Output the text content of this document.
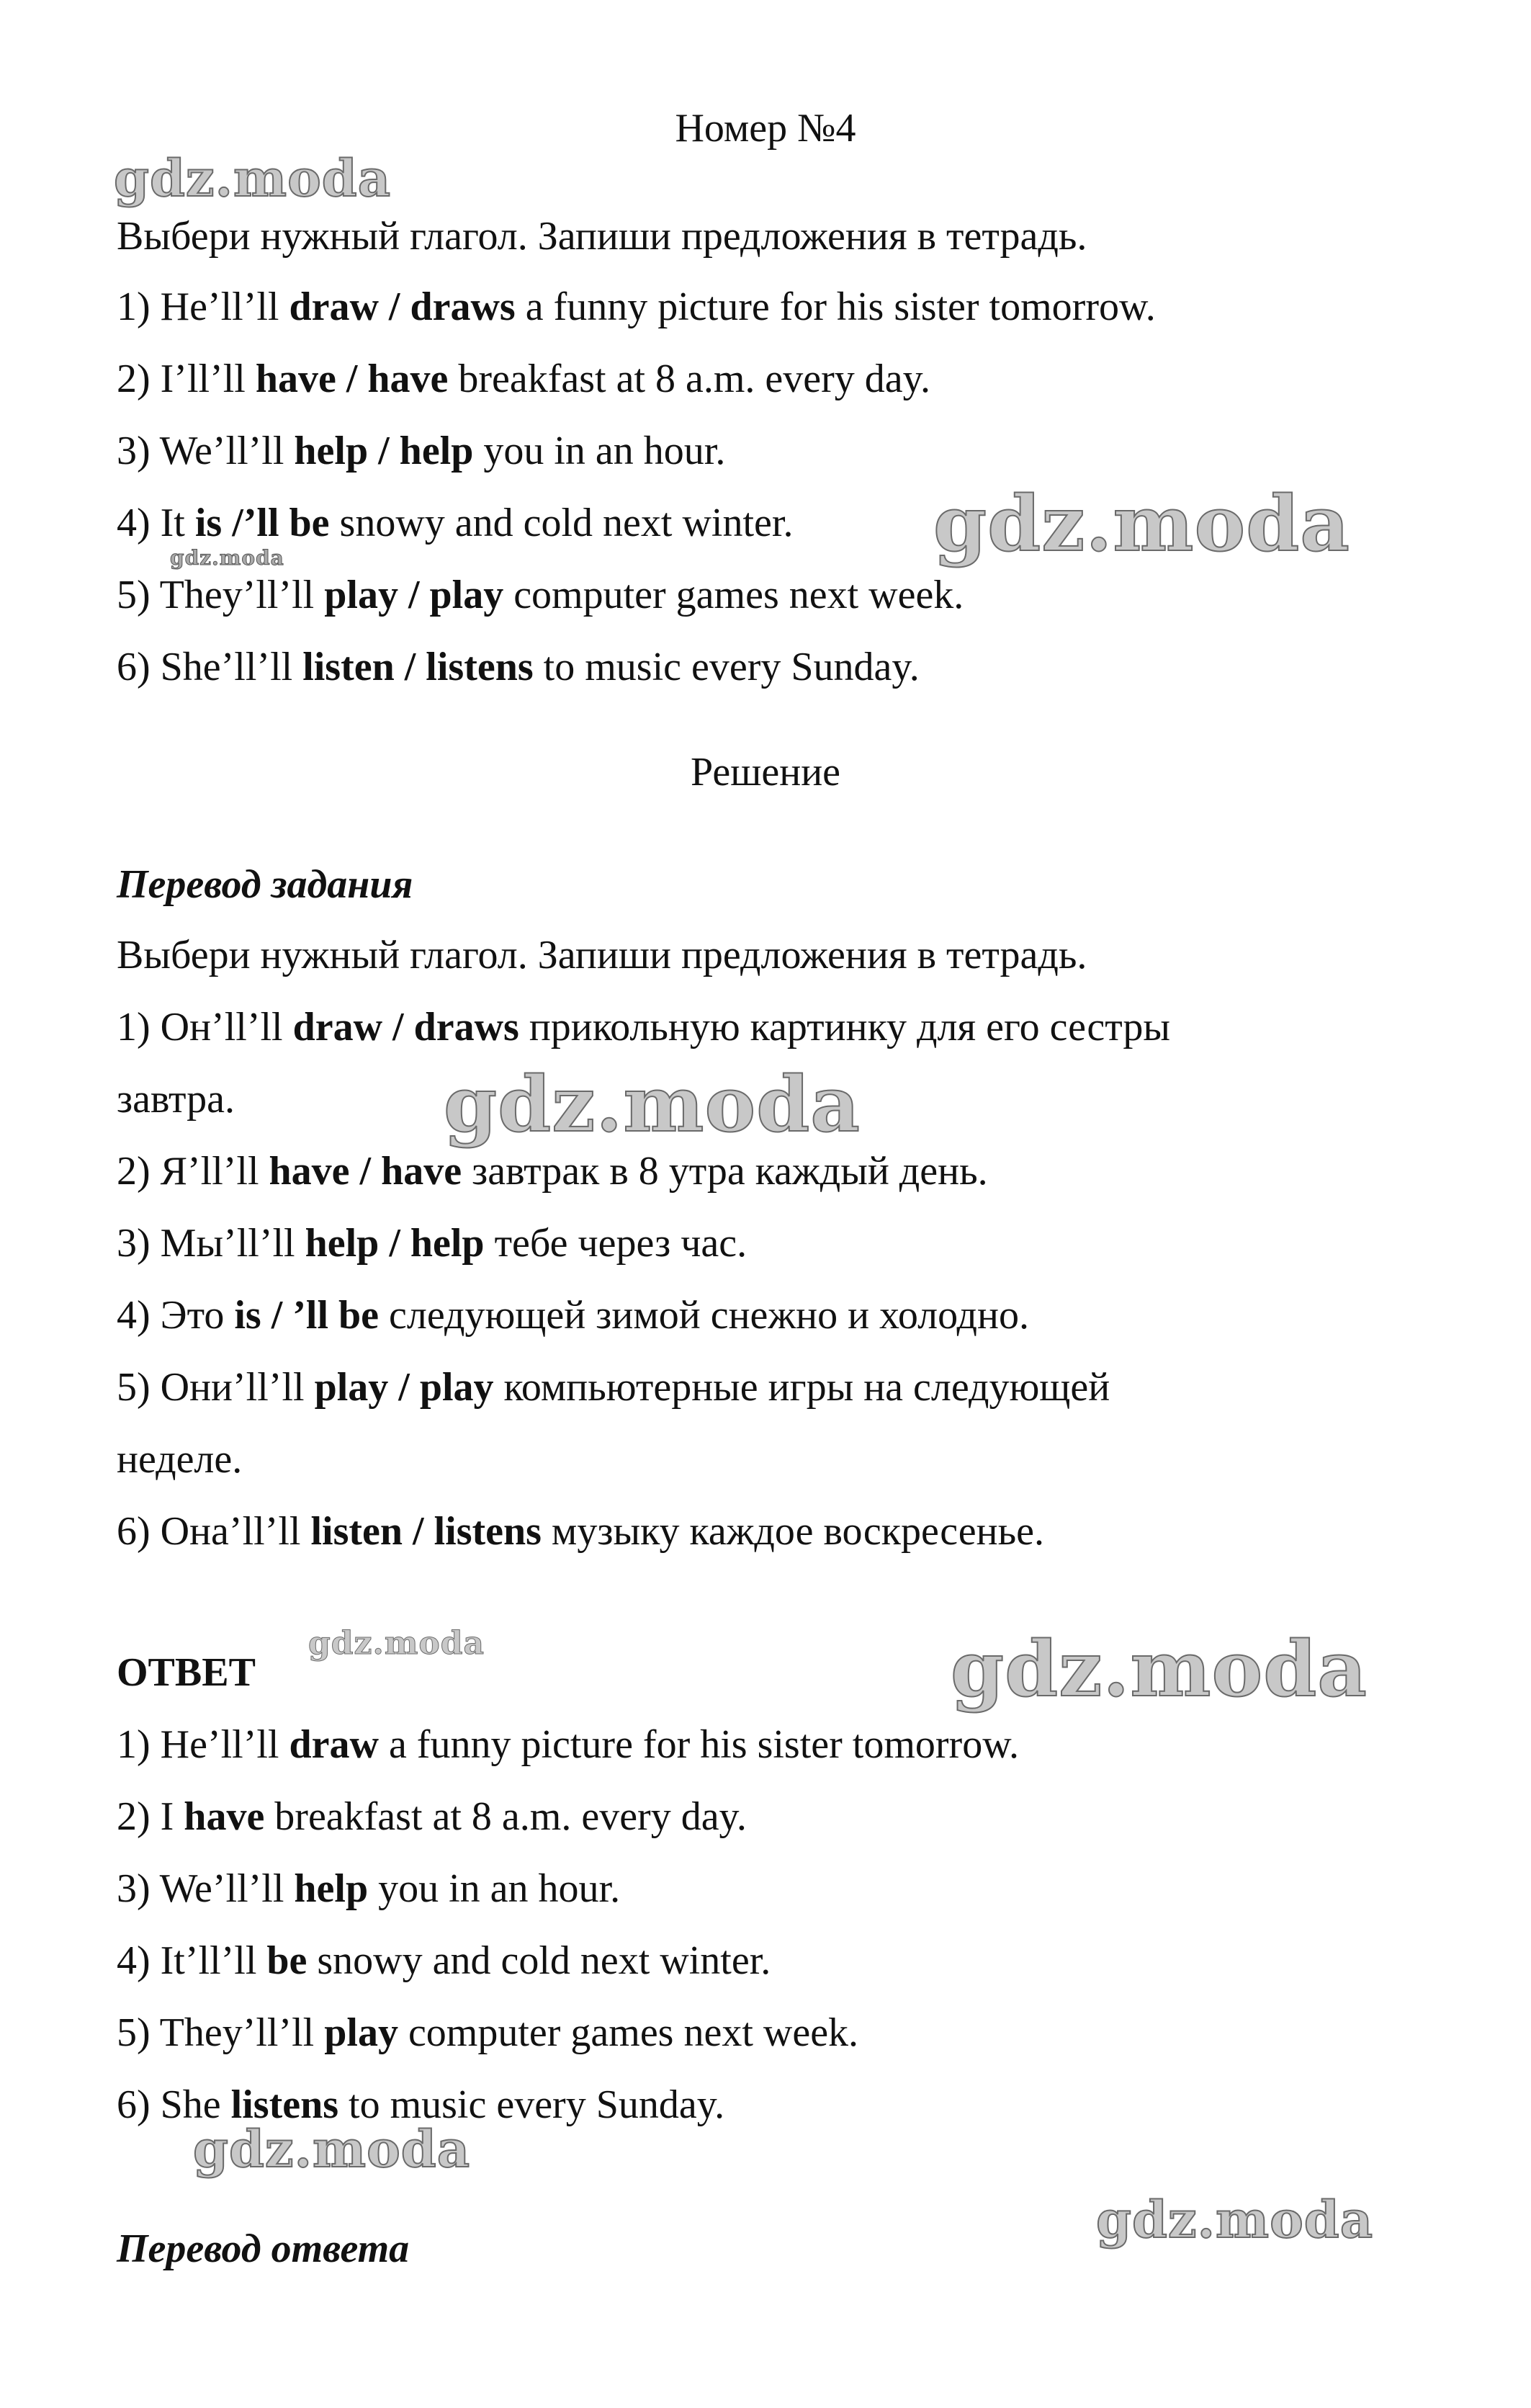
Номер №4
Выбери нужный глагол. Запиши предложения в тетрадь.
1) He’ll’ll draw / draws a funny picture for his sister tomorrow.
2) I’ll’ll have / have breakfast at 8 a.m. every day.
3) We’ll’ll help / help you in an hour.
4) It is /’ll be snowy and cold next winter.
5) They’ll’ll play / play computer games next week.
6) She’ll’ll listen / listens to music every Sunday.
Решение
Перевод задания
Выбери нужный глагол. Запиши предложения в тетрадь.
1) Он’ll’ll draw / draws прикольную картинку для его сестры
завтра.
2) Я’ll’ll have / have завтрак в 8 утра каждый день.
3) Мы’ll’ll help / help тебе через час.
4) Это is / ’ll be следующей зимой снежно и холодно.
5) Они’ll’ll play / play компьютерные игры на следующей
неделе.
6) Она’ll’ll listen / listens музыку каждое воскресенье.
ОТВЕТ
1) He’ll’ll draw a funny picture for his sister tomorrow.
2) I have breakfast at 8 a.m. every day.
3) We’ll’ll help you in an hour.
4) It’ll’ll be snowy and cold next winter.
5) They’ll’ll play computer games next week.
6) She listens to music every Sunday.
Перевод ответа
gdz.moda
gdz.moda
gdz.moda
gdz.moda
gdz.moda	gdz.moda
gdz.moda
gdz.moda
